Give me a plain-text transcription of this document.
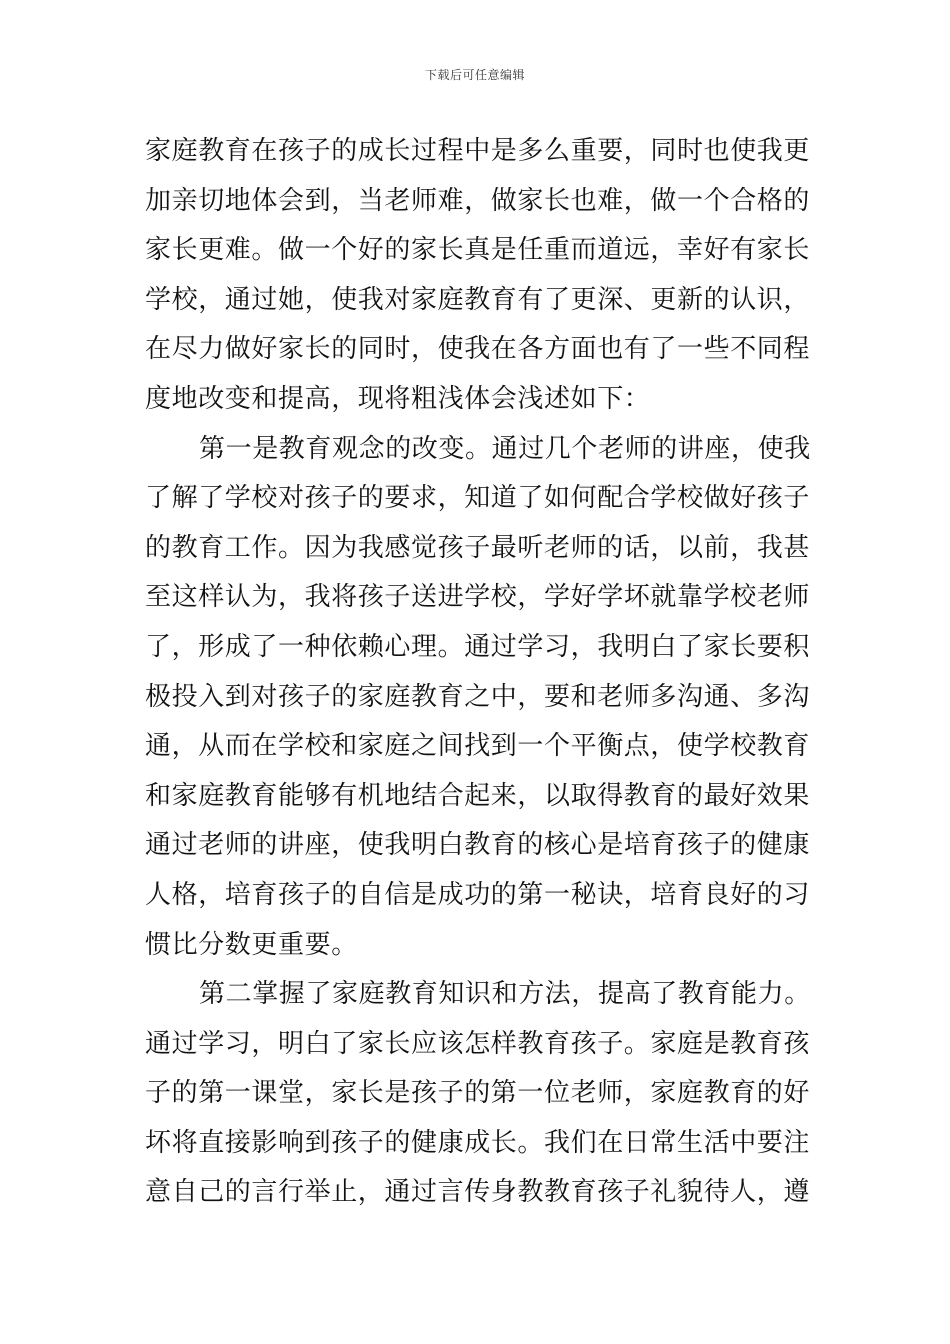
下载后可任意编辑
家庭教育在孩子的成长过程中是多么重要，同时也使我更
加亲切地体会到，当老师难，做家长也难，做一个合格的
家长更难。做一个好的家长真是任重而道远，幸好有家长
学校，通过她，使我对家庭教育有了更深、更新的认识，
在尽力做好家长的同时，使我在各方面也有了一些不同程
度地改变和提高，现将粗浅体会浅述如下：
第一是教育观念的改变。通过几个老师的讲座，使我
了解了学校对孩子的要求，知道了如何配合学校做好孩子
的教育工作。因为我感觉孩子最听老师的话，以前，我甚
至这样认为，我将孩子送进学校，学好学坏就靠学校老师
了，形成了一种依赖心理。通过学习，我明白了家长要积
极投入到对孩子的家庭教育之中，要和老师多沟通、多沟
通，从而在学校和家庭之间找到一个平衡点，使学校教育
和家庭教育能够有机地结合起来，以取得教育的最好效果
通过老师的讲座，使我明白教育的核心是培育孩子的健康
人格，培育孩子的自信是成功的第一秘诀，培育良好的习
惯比分数更重要。
第二掌握了家庭教育知识和方法，提高了教育能力。
通过学习，明白了家长应该怎样教育孩子。家庭是教育孩
子的第一课堂，家长是孩子的第一位老师，家庭教育的好
坏将直接影响到孩子的健康成长。我们在日常生活中要注
意自己的言行举止，通过言传身教教育孩子礼貌待人，遵
